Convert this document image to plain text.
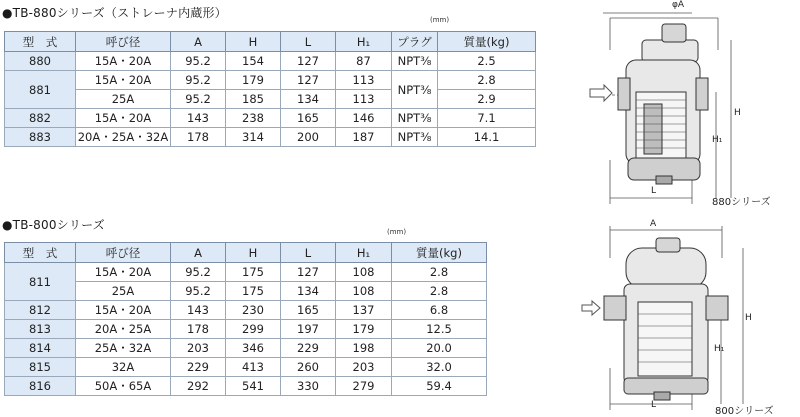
●TB-880シリーズ（ストレーナ内蔵形）	(mm)
型　式	呼び径	A	H	L	H₁	プラグ	質量(kg)
880	15A・20A	95.2	154	127	87	NPT⅜	2.5
881	15A・20A	95.2	179	127	113	NPT⅜	2.8
	25A	95.2	185	134	113		2.9
882	15A・20A	143	238	165	146	NPT⅜	7.1
883	20A・25A・32A	178	314	200	187	NPT⅜	14.1
●TB-800シリーズ	(mm)
型　式	呼び径	A	H	L	H₁	質量(kg)
811	15A・20A	95.2	175	127	108	2.8
	25A	95.2	175	134	108	2.8
812	15A・20A	143	230	165	137	6.8
813	20A・25A	178	299	197	179	12.5
814	25A・32A	203	346	229	198	20.0
815	32A	229	413	260	203	32.0
816	50A・65A	292	541	330	279	59.4
φA
H
H₁
L
880シリーズ
A
H
H₁
L
800シリーズ
